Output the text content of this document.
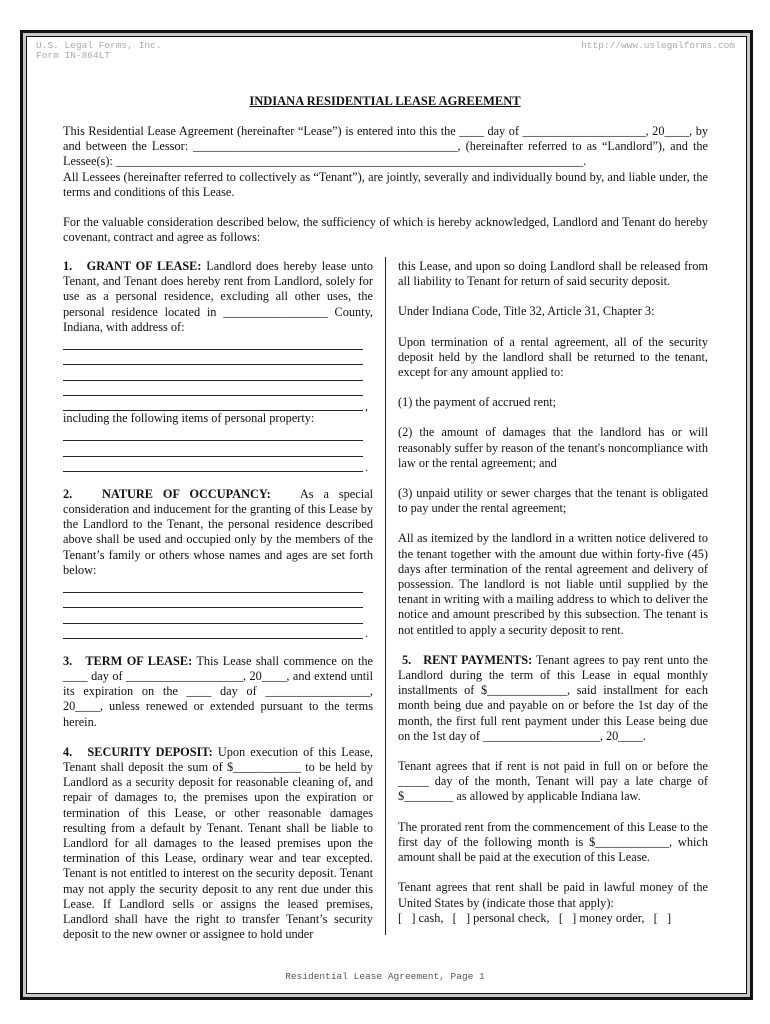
U.S. Legal Forms, Inc.
Form IN-864LT
http://www.uslegalforms.com
INDIANA RESIDENTIAL LEASE AGREEMENT
This Residential Lease Agreement (hereinafter “Lease”) is entered into this the ____ day of ____________________, 20____, by and between the Lessor: ___________________________________________, (hereinafter referred to as “Landlord”), and the Lessee(s): ____________________________________________________________________________.
All Lessees (hereinafter referred to collectively as “Tenant”), are jointly, severally and individually bound by, and liable under, the terms and conditions of this Lease.
For the valuable consideration described below, the sufficiency of which is hereby acknowledged, Landlord and Tenant do hereby covenant, contract and agree as follows:
1.   GRANT OF LEASE: Landlord does hereby lease unto Tenant, and Tenant does hereby rent from Landlord, solely for use as a personal residence, excluding all other uses, the personal residence located in _________________ County, Indiana, with address of:
,
including the following items of personal property:
.
2.   NATURE OF OCCUPANCY:   As a special consideration and inducement for the granting of this Lease by the Landlord to the Tenant, the personal residence described above shall be used and occupied only by the members of the Tenant’s family or others whose names and ages are set forth below:
.
3.   TERM OF LEASE: This Lease shall commence on the ____ day of ___________________, 20____, and extend until its expiration on the ____ day of _________________, 20____, unless renewed or extended pursuant to the terms herein.
4.   SECURITY DEPOSIT: Upon execution of this Lease, Tenant shall deposit the sum of $___________ to be held by Landlord as a security deposit for reasonable cleaning of, and repair of damages to, the premises upon the expiration or termination of this Lease, or other reasonable damages resulting from a default by Tenant. Tenant shall be liable to Landlord for all damages to the leased premises upon the termination of this Lease, ordinary wear and tear excepted. Tenant is not entitled to interest on the security deposit. Tenant may not apply the security deposit to any rent due under this Lease. If Landlord sells or assigns the leased premises, Landlord shall have the right to transfer Tenant’s security deposit to the new owner or assignee to hold under
this Lease, and upon so doing Landlord shall be released from all liability to Tenant for return of said security deposit.
Under Indiana Code, Title 32, Article 31, Chapter 3:
Upon termination of a rental agreement, all of the security deposit held by the landlord shall be returned to the tenant, except for any amount applied to:
(1) the payment of accrued rent;
(2) the amount of damages that the landlord has or will reasonably suffer by reason of the tenant's noncompliance with law or the rental agreement; and
(3) unpaid utility or sewer charges that the tenant is obligated to pay under the rental agreement;
All as itemized by the landlord in a written notice delivered to the tenant together with the amount due within forty-five (45) days after termination of the rental agreement and delivery of possession. The landlord is not liable until supplied by the tenant in writing with a mailing address to which to deliver the notice and amount prescribed by this subsection. The tenant is not entitled to apply a security deposit to rent.
5.   RENT PAYMENTS: Tenant agrees to pay rent unto the Landlord during the term of this Lease in equal monthly installments of $_____________, said installment for each month being due and payable on or before the 1st day of the month, the first full rent payment under this Lease being due on the 1st day of ___________________, 20____.
Tenant agrees that if rent is not paid in full on or before the _____ day of the month, Tenant will pay a late charge of $________ as allowed by applicable Indiana law.
The prorated rent from the commencement of this Lease to the first day of the following month is $____________, which amount shall be paid at the execution of this Lease.
Tenant agrees that rent shall be paid in lawful money of the United States by (indicate those that apply):
[   ] cash, [   ] personal check, [   ] money order, [   ]
Residential Lease Agreement, Page 1
